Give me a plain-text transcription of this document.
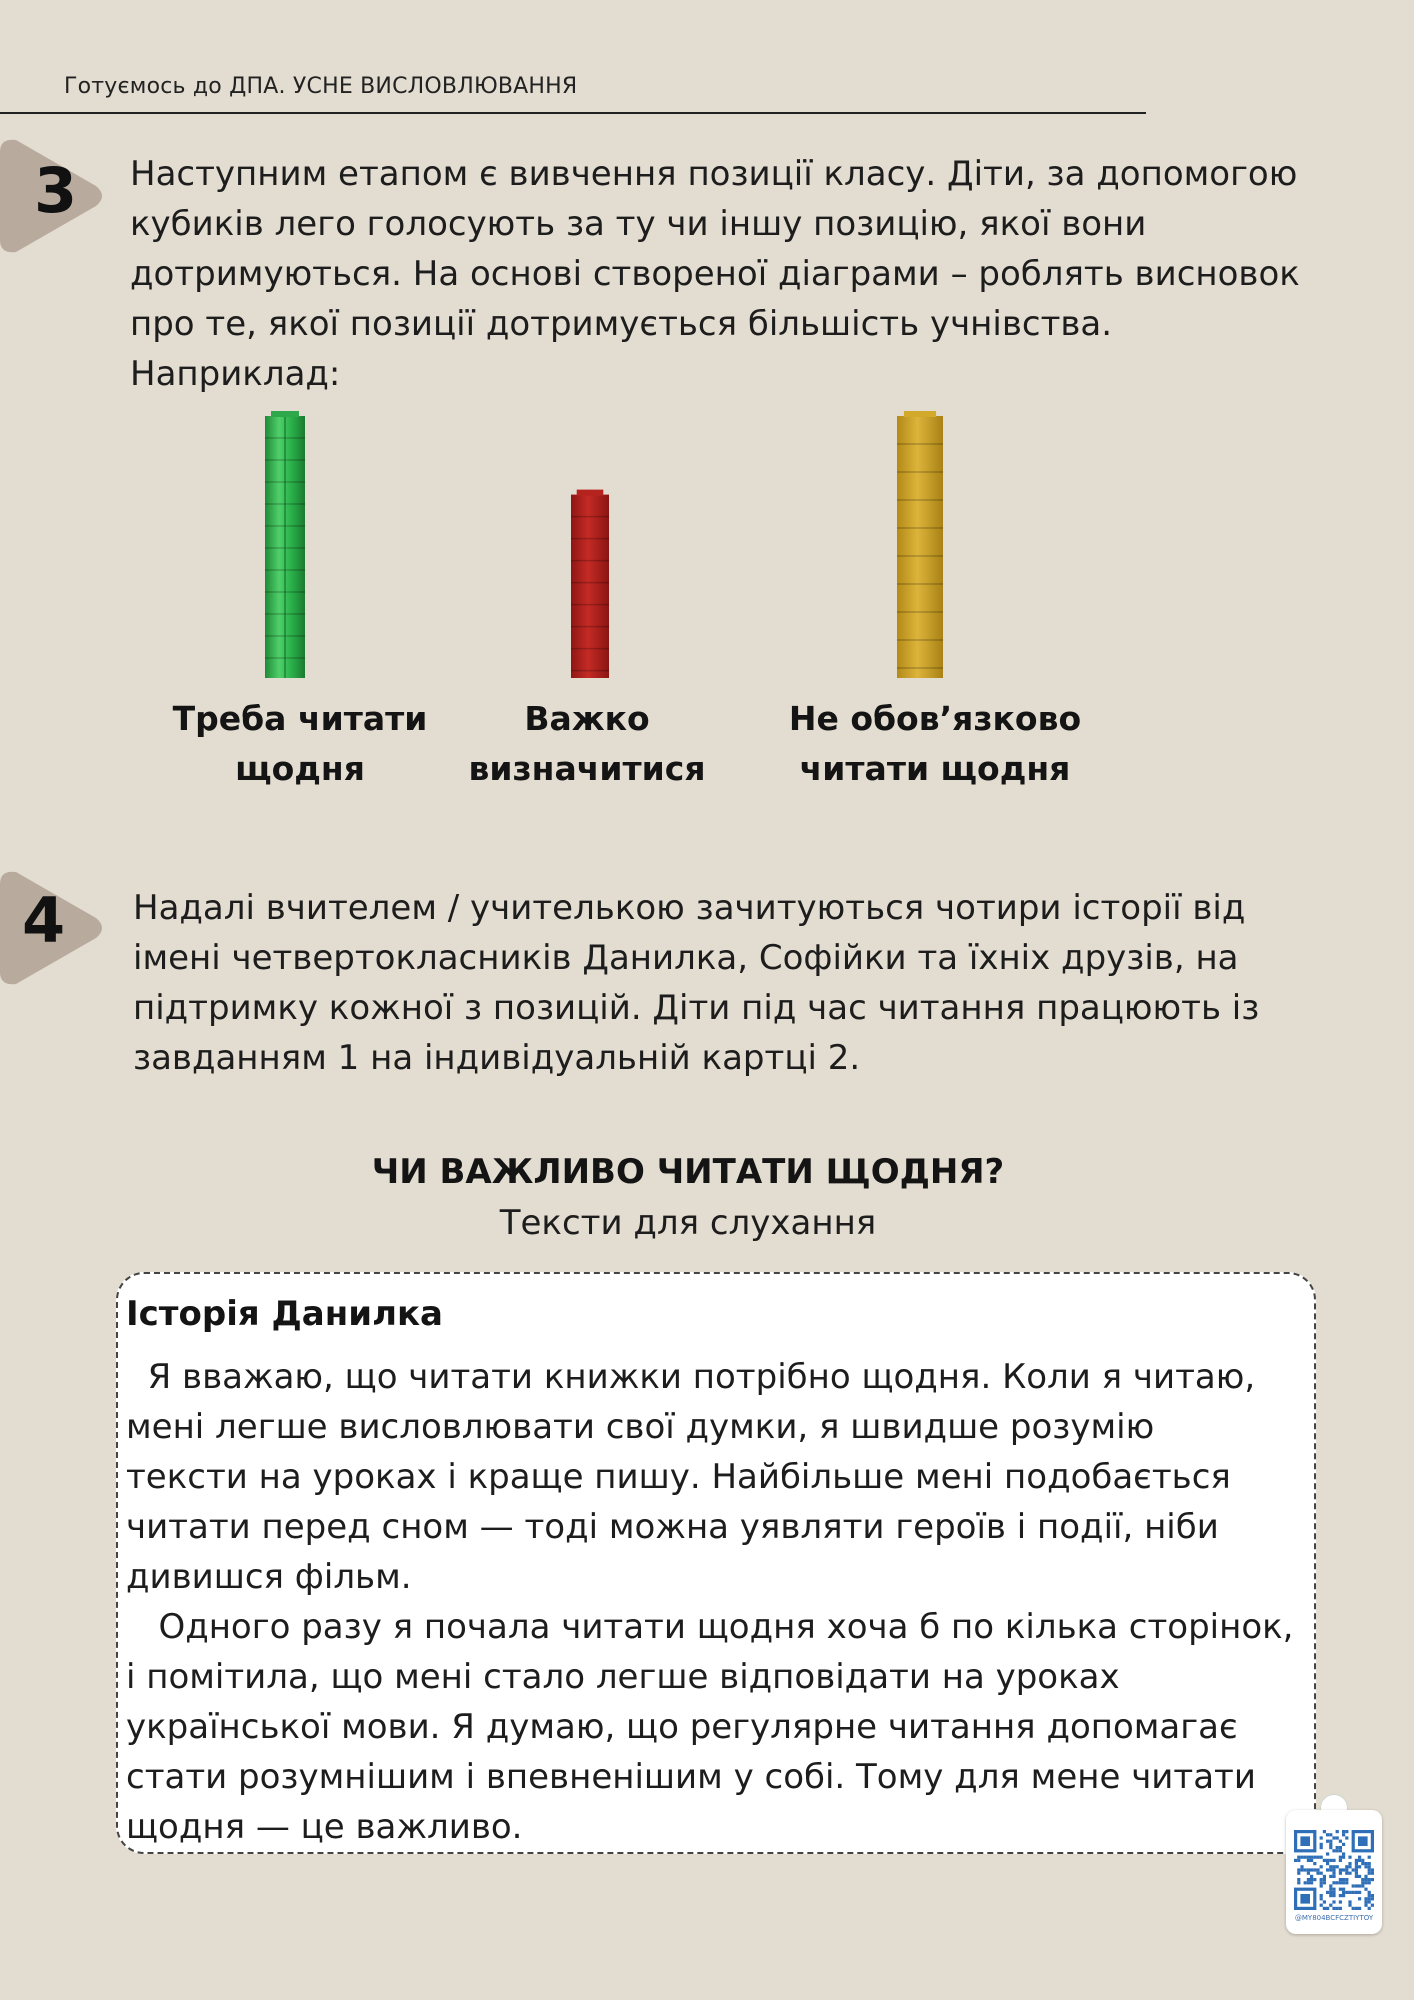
Готуємось до ДПА. УСНЕ ВИСЛОВЛЮВАННЯ
3 Наступним етапом є вивчення позиції класу. Діти, за допомогою
кубиків лего голосують за ту чи іншу позицію, якої вони
дотримуються. На основі створеної діаграми – роблять висновок
про те, якої позиції дотримується більшість учнівства.
Наприклад:
Треба читати
щодня
Важко
визначитися
Не обов’язково
читати щодня
4 Надалі вчителем / учителькою зачитуються чотири історії від
імені четвертокласників Данилка, Софійки та їхніх друзів, на
підтримку кожної з позицій. Діти під час читання працюють із
завданням 1 на індивідуальній картці 2.
ЧИ ВАЖЛИВО ЧИТАТИ ЩОДНЯ?
Тексти для слухання
Історія Данилка

Я вважаю, що читати книжки потрібно щодня. Коли я читаю,

мені легше висловлювати свої думки, я швидше розумію

тексти на уроках і краще пишу. Найбільше мені подобається

читати перед сном — тоді можна уявляти героїв і події, ніби

дивишся фільм.

Одного разу я почала читати щодня хоча б по кілька сторінок,

і помітила, що мені стало легше відповідати на уроках

української мови. Я думаю, що регулярне читання допомагає

стати розумнішим і впевненішим у собі. Тому для мене читати

щодня — це важливо.

@MY804BCFCZTIYTOY
